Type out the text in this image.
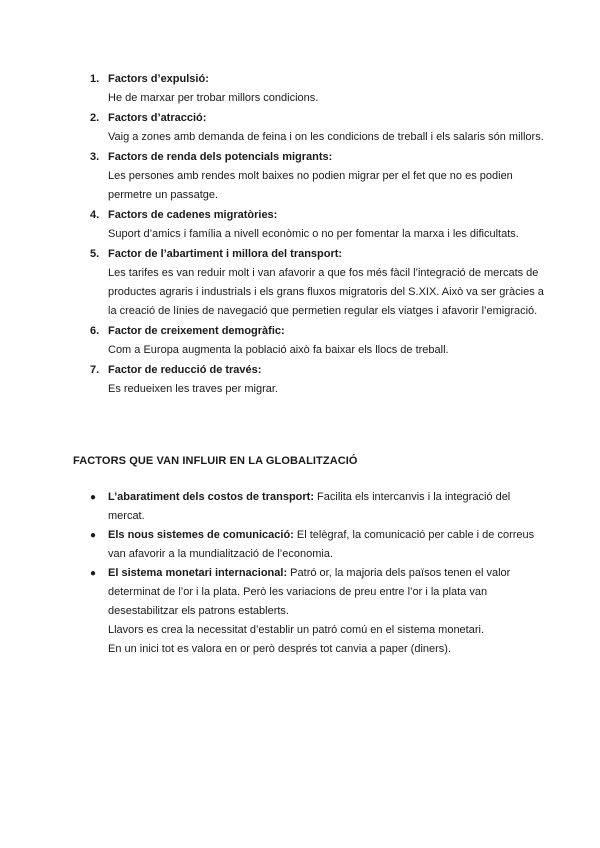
1. Factors d’expulsió:
He de marxar per trobar millors condicions.
2. Factors d’atracció:
Vaig a zones amb demanda de feina i on les condicions de treball i els salaris són millors.
3. Factors de renda dels potencials migrants:
Les persones amb rendes molt baixes no podien migrar per el fet que no es podien permetre un passatge.
4. Factors de cadenes migratòries:
Suport d’amics i família a nivell econòmic o no per fomentar la marxa i les dificultats.
5. Factor de l’abartiment i millora del transport:
Les tarifes es van reduir molt i van afavorir a que fos més fàcil l’integració de mercats de productes agraris i industrials i els grans fluxos migratoris del S.XIX. Això va ser gràcies a la creació de línies de navegació que permetien regular els viatges i afavorir l’emigració.
6. Factor de creixement demogràfic:
Com a Europa augmenta la població això fa baixar els llocs de treball.
7. Factor de reducció de través:
Es redueixen les traves per migrar.
FACTORS QUE VAN INFLUIR EN LA GLOBALITZACIÓ
● L’abaratiment dels costos de transport: Facilita els intercanvis i la integració del mercat.
● Els nous sistemes de comunicació: El telègraf, la comunicació per cable i de correus van afavorir a la mundialització de l’economia.
● El sistema monetari internacional: Patró or, la majoria dels països tenen el valor determinat de l’or i la plata. Però les variacions de preu entre l’or i la plata van desestabilitzar els patrons establerts.
Llavors es crea la necessitat d’establir un patró comú en el sistema monetari.
En un inici tot es valora en or però després tot canvia a paper (diners).
